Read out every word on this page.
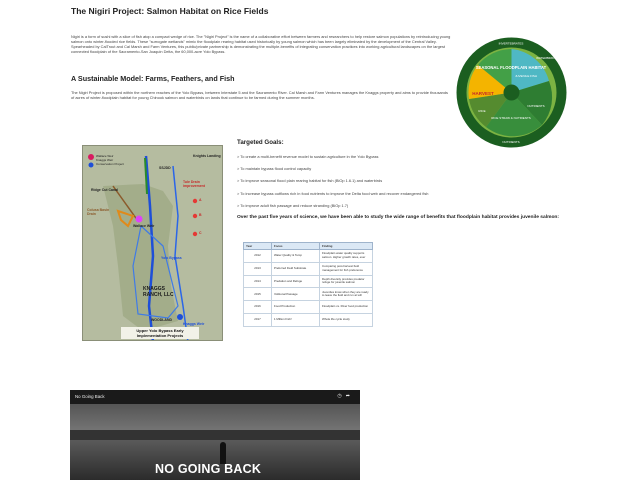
The Nigiri Project: Salmon Habitat on Rice Fields

Nigiri is a form of sushi with a slice of fish atop a compact wedge of rice. The "Nigiri Project" is the name of a collaborative effort between farmers and researchers to help restore salmon populations by reintroducing young salmon onto winter-flooded rice fields. These "surrogate wetlands" mimic the floodplain rearing habitat used historically by young salmon which has been largely eliminated by the development of the Central Valley. Spearheaded by CalTrout and Cal Marsh and Farm Ventures, this public/private partnership is demonstrating the multiple-benefits of integrating conservation practices into working agricultural landscapes on the largest connected floodplain of the Sacramento-San Joaquin Delta, the 60,000-acre Yolo Bypass.

A Sustainable Model: Farms, Feathers, and Fish

The Nigiri Project is proposed within the northern reaches of the Yolo Bypass, between Interstate 5 and the Sacramento River. Cal Marsh and Farm Ventures manages the Knaggs property and aims to provide thousands of acres of winter-floodplain habitat for young Chinook salmon and waterbirds on lands that continue to be farmed during the summer months.

SEASONAL FLOODPLAIN HABITAT
HARVEST
INVERTEBRATES
WATERBIRDS
JUVENILE FISH
NUTRIENTS
RICE STRAW & NUTRIENTS
RICE
NUTRIENTS
Wallace Weir
Knaggs Weir
Conservation Project
SSJDD
Tule Drain improvement
Ridge Cut Canal
Colusa Basin Drain
Wallace Weir
Yolo Bypass
KNAGGS RANCH, LLC
WOODLAND
Knaggs Weir
Knights Landing
A
B
C
Upper Yolo Bypass Early Implementation Projects
Targeted Goals:
> To create a multi-benefit revenue model to sustain agriculture in the Yolo Bypass
> To maintain bypass flood control capacity
> To improve seasonal flood plain rearing habitat for fish (BiOp 1.6.1) and waterbirds
> To increase bypass outflows rich in food nutrients to improve the Delta food web and recover endangered fish
> To improve adult fish passage and reduce stranding (BiOp 1.7)

Over the past five years of science, we have been able to study the wide range of benefits that floodplain habitat provides juvenile salmon:

Year	Focus	Finding
2012	Water Quality & Temp	Floodplain water quality supports salmon. Higher growth rates, ever
2013	Preferred Field Substrate	Comparing post-harvest field management for fish preference
2014	Predation and Refuge	Depth diversity provides predator refuge for juvenile salmon
2015	Volitional Passage	Juveniles know when they are ready to leave the field and run at will
2016	Food Production	Floodplain vs. River food production
2017	1 Million Fish!	Whole life cycle study
No Going Back	◷➦
NO GOING BACK
